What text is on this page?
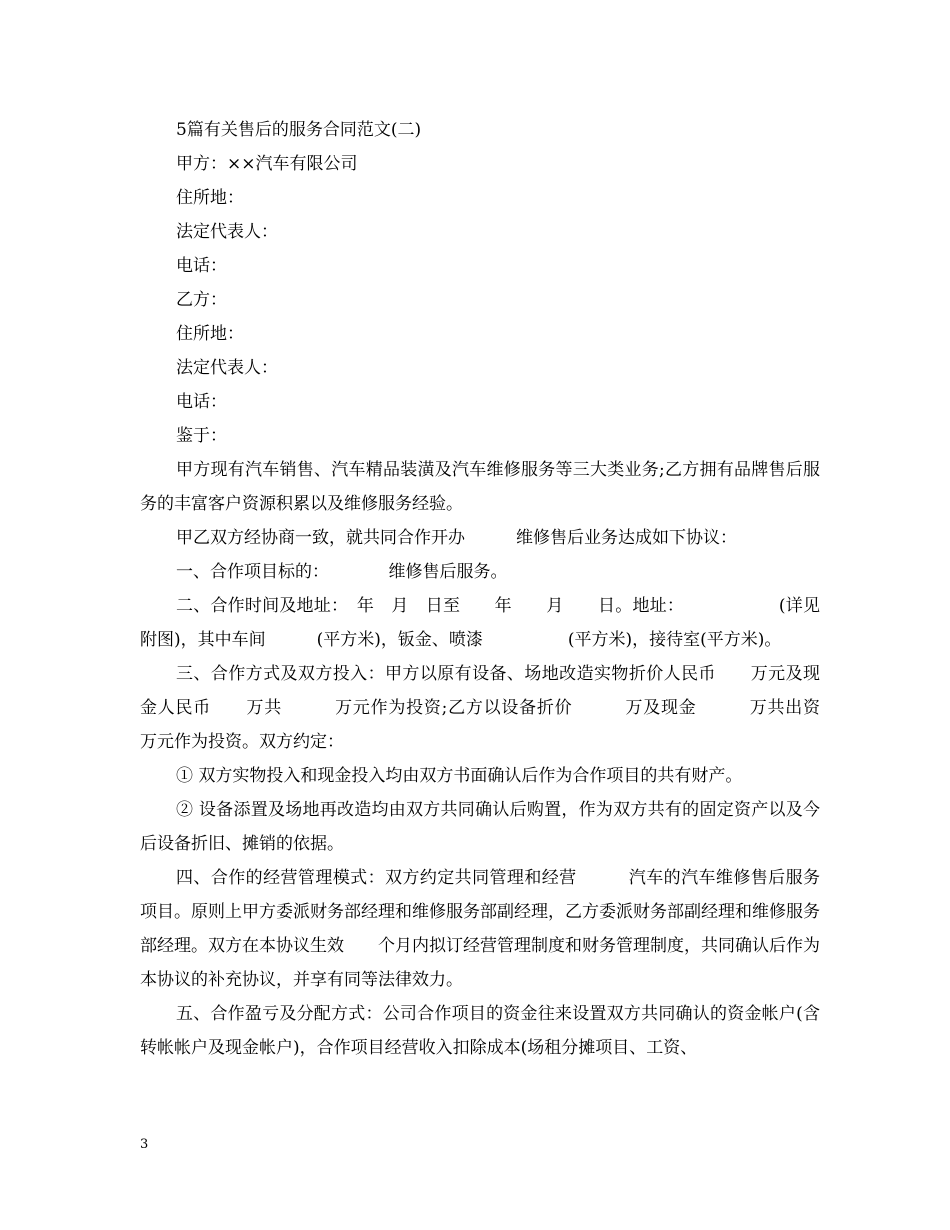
5篇有关售后的服务合同范文(二)
甲方：××汽车有限公司
住所地：
法定代表人：
电话：
乙方：
住所地：
法定代表人：
电话：
鉴于：

甲方现有汽车销售、汽车精品装潢及汽车维修服务等三大类业务;乙方拥有品牌售后服务的丰富客户资源积累以及维修服务经验。

甲乙双方经协商一致，就共同合作开办　　　维修售后业务达成如下协议：

一、合作项目标的：　　　　维修售后服务。

二、合作时间及地址：　年　月　日至　　年　　月　　日。地址：　　　　　　(详见附图)，其中车间　　　(平方米)，钣金、喷漆　　　　　(平方米)，接待室(平方米)。

三、合作方式及双方投入：甲方以原有设备、场地改造实物折价人民币　　万元及现金人民币　　万共　　　万元作为投资;乙方以设备折价　　　万及现金　　　万共出资　　万元作为投资。双方约定：

① 双方实物投入和现金投入均由双方书面确认后作为合作项目的共有财产。

② 设备添置及场地再改造均由双方共同确认后购置，作为双方共有的固定资产以及今后设备折旧、摊销的依据。

四、合作的经营管理模式：双方约定共同管理和经营　　　汽车的汽车维修售后服务项目。原则上甲方委派财务部经理和维修服务部副经理，乙方委派财务部副经理和维修服务部经理。双方在本协议生效　　个月内拟订经营管理制度和财务管理制度，共同确认后作为本协议的补充协议，并享有同等法律效力。

五、合作盈亏及分配方式：公司合作项目的资金往来设置双方共同确认的资金帐户(含转帐帐户及现金帐户)，合作项目经营收入扣除成本(场租分摊项目、工资、

3
